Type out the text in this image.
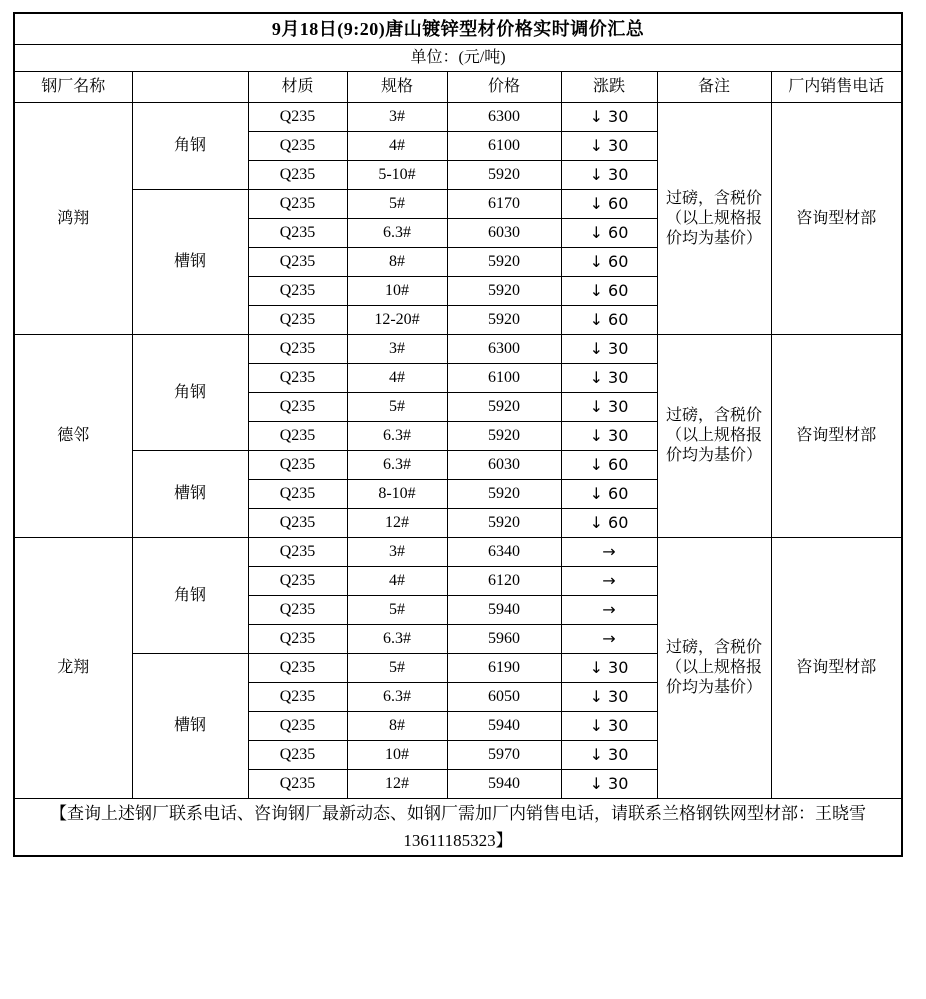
9月18日(9:20)唐山镀锌型材价格实时调价汇总							
单位：(元/吨)							
钢厂名称		材质	规格	价格	涨跌	备注	厂内销售电话
鸿翔	角钢	Q235	3#	6300	↓ 30	过磅，含税价（以上规格报价均为基价）	咨询型材部
		Q235	4#	6100	↓ 30		
		Q235	5-10#	5920	↓ 30		
	槽钢	Q235	5#	6170	↓ 60		
		Q235	6.3#	6030	↓ 60		
		Q235	8#	5920	↓ 60		
		Q235	10#	5920	↓ 60		
		Q235	12-20#	5920	↓ 60		
德邻	角钢	Q235	3#	6300	↓ 30	过磅，含税价（以上规格报价均为基价）	咨询型材部
		Q235	4#	6100	↓ 30		
		Q235	5#	5920	↓ 30		
		Q235	6.3#	5920	↓ 30		
	槽钢	Q235	6.3#	6030	↓ 60		
		Q235	8-10#	5920	↓ 60		
		Q235	12#	5920	↓ 60		
龙翔	角钢	Q235	3#	6340	→	过磅，含税价（以上规格报价均为基价）	咨询型材部
		Q235	4#	6120	→		
		Q235	5#	5940	→		
		Q235	6.3#	5960	→		
	槽钢	Q235	5#	6190	↓ 30		
		Q235	6.3#	6050	↓ 30		
		Q235	8#	5940	↓ 30		
		Q235	10#	5970	↓ 30		
		Q235	12#	5940	↓ 30		
【查询上述钢厂联系电话、咨询钢厂最新动态、如钢厂需加厂内销售电话，请联系兰格钢铁网型材部：王晓雪13611185323】							
